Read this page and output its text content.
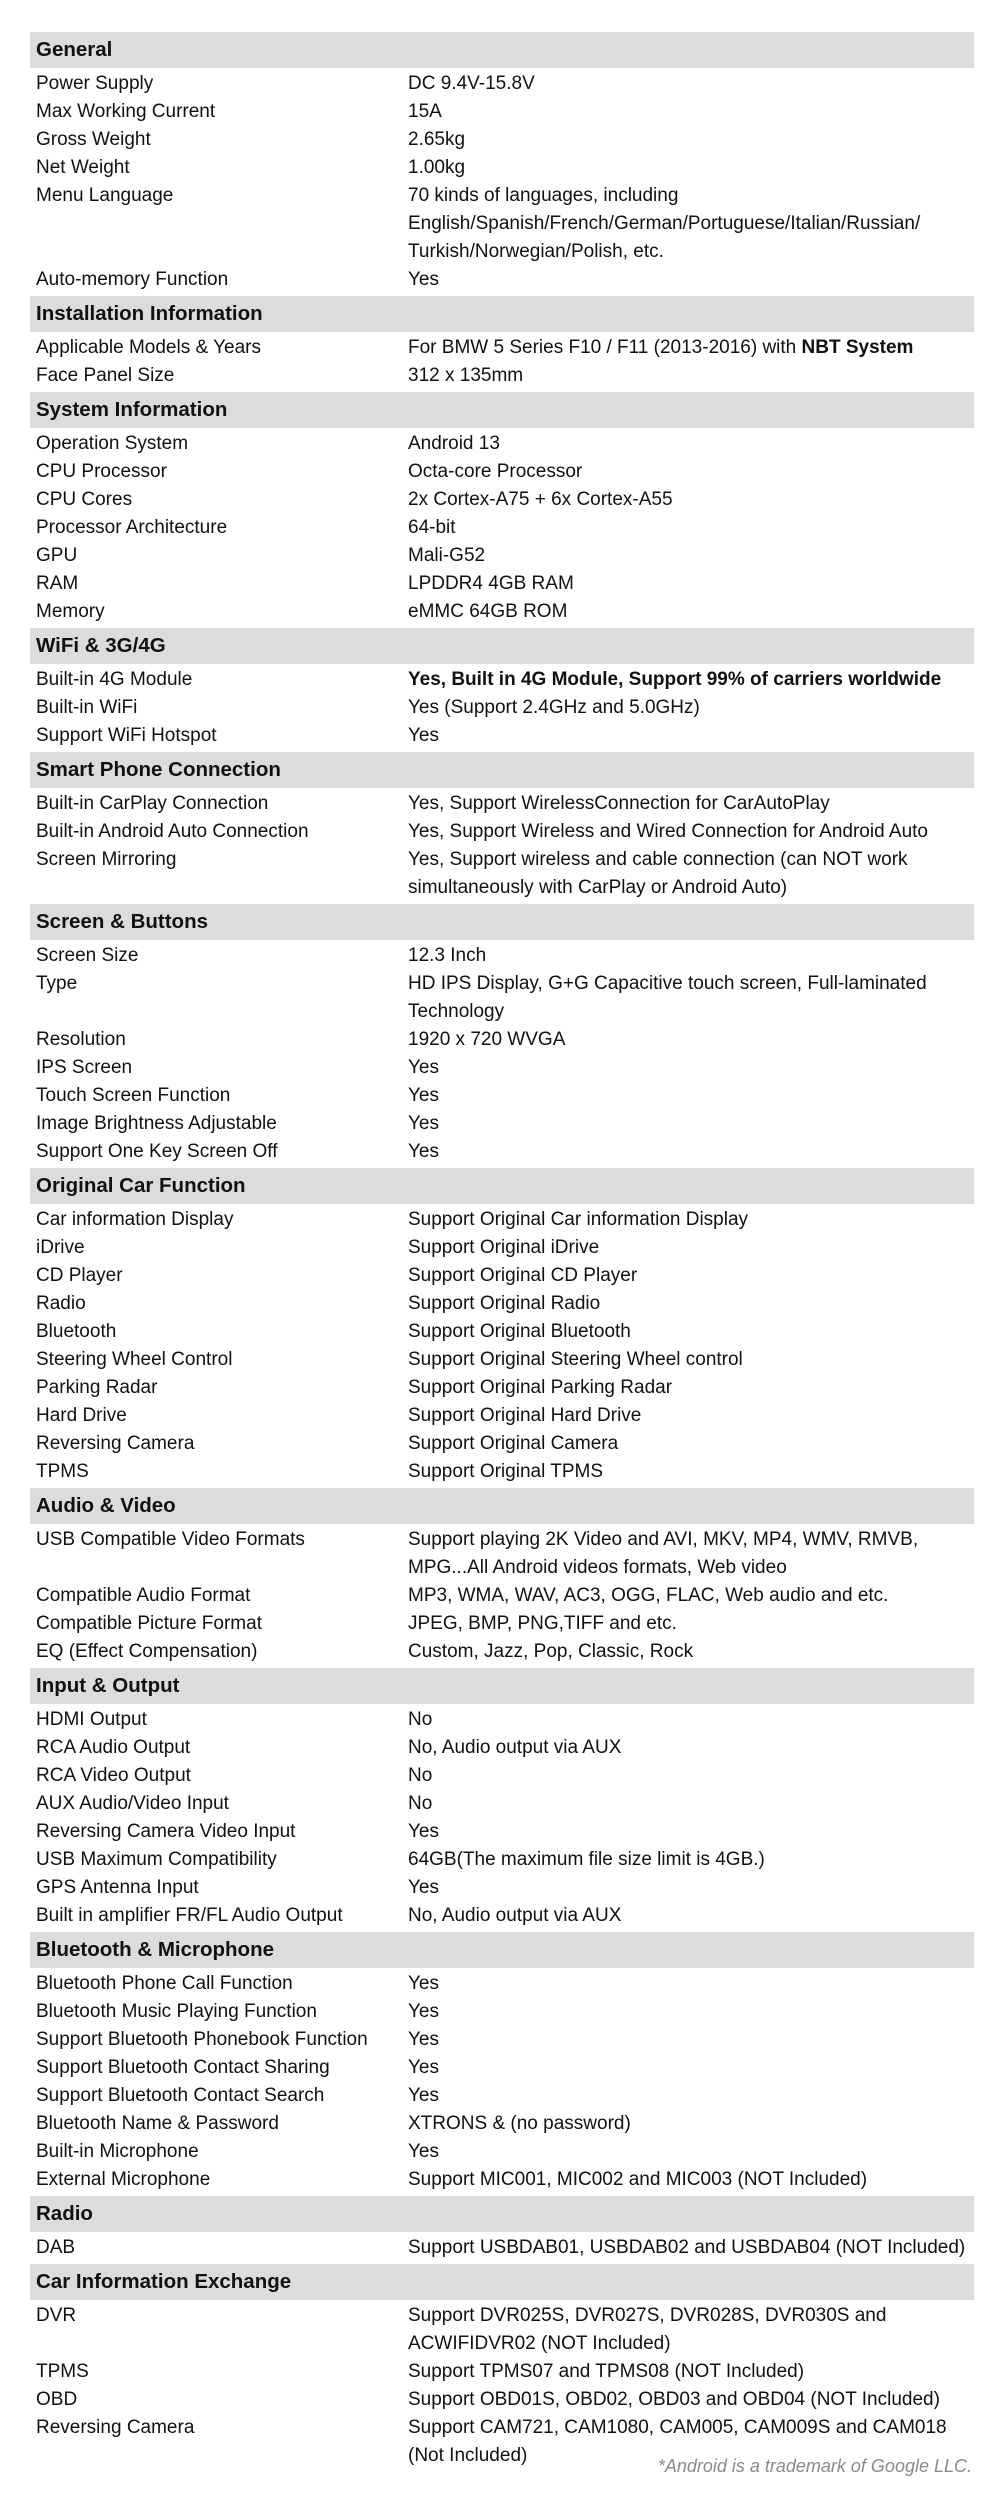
General
Power Supply	DC 9.4V-15.8V
Max Working Current	15A
Gross Weight	2.65kg
Net Weight	1.00kg
Menu Language	70 kinds of languages, including English/Spanish/French/German/Portuguese/Italian/Russian/ Turkish/Norwegian/Polish, etc.
Auto-memory Function	Yes
Installation Information
Applicable Models & Years	For BMW 5 Series F10 / F11 (2013-2016) with NBT System
Face Panel Size	312 x 135mm
System Information
Operation System	Android 13
CPU Processor	Octa-core Processor
CPU Cores	2x Cortex-A75 + 6x Cortex-A55
Processor Architecture	64-bit
GPU	Mali-G52
RAM	LPDDR4 4GB RAM
Memory	eMMC 64GB ROM
WiFi & 3G/4G
Built-in 4G Module	Yes, Built in 4G Module, Support 99% of carriers worldwide
Built-in WiFi	Yes (Support 2.4GHz and 5.0GHz)
Support WiFi Hotspot	Yes
Smart Phone Connection
Built-in CarPlay Connection	Yes, Support WirelessConnection for CarAutoPlay
Built-in Android Auto Connection	Yes, Support Wireless and Wired Connection for Android Auto
Screen Mirroring	Yes, Support wireless and cable connection (can NOT work simultaneously with CarPlay or Android Auto)
Screen & Buttons
Screen Size	12.3 Inch
Type	HD IPS Display, G+G Capacitive touch screen, Full-laminated Technology
Resolution	1920 x 720 WVGA
IPS Screen	Yes
Touch Screen Function	Yes
Image Brightness Adjustable	Yes
Support One Key Screen Off	Yes
Original Car Function
Car information Display	Support Original Car information Display
iDrive	Support Original iDrive
CD Player	Support Original CD Player
Radio	Support Original Radio
Bluetooth	Support Original Bluetooth
Steering Wheel Control	Support Original Steering Wheel control
Parking Radar	Support Original Parking Radar
Hard Drive	Support Original Hard Drive
Reversing Camera	Support Original Camera
TPMS	Support Original TPMS
Audio & Video
USB Compatible Video Formats	Support playing 2K Video and AVI, MKV, MP4, WMV, RMVB, MPG...All Android videos formats, Web video
Compatible Audio Format	MP3, WMA, WAV, AC3, OGG, FLAC, Web audio and etc.
Compatible Picture Format	JPEG, BMP, PNG,TIFF and etc.
EQ (Effect Compensation)	Custom, Jazz, Pop, Classic, Rock
Input & Output
HDMI Output	No
RCA Audio Output	No, Audio output via AUX
RCA Video Output	No
AUX Audio/Video Input	No
Reversing Camera Video Input	Yes
USB Maximum Compatibility	64GB(The maximum file size limit is 4GB.)
GPS Antenna Input	Yes
Built in amplifier FR/FL Audio Output	No, Audio output via AUX
Bluetooth & Microphone
Bluetooth Phone Call Function	Yes
Bluetooth Music Playing Function	Yes
Support Bluetooth Phonebook Function	Yes
Support Bluetooth Contact Sharing	Yes
Support Bluetooth Contact Search	Yes
Bluetooth Name & Password	XTRONS & (no password)
Built-in Microphone	Yes
External Microphone	Support MIC001, MIC002 and MIC003 (NOT Included)
Radio
DAB	Support USBDAB01, USBDAB02 and USBDAB04 (NOT Included)
Car Information Exchange
DVR	Support DVR025S, DVR027S, DVR028S, DVR030S and ACWIFIDVR02 (NOT Included)
TPMS	Support TPMS07 and TPMS08 (NOT Included)
OBD	Support OBD01S, OBD02, OBD03 and OBD04 (NOT Included)
Reversing Camera	Support CAM721, CAM1080, CAM005, CAM009S and CAM018 (Not Included)	*Android is a trademark of Google LLC.
